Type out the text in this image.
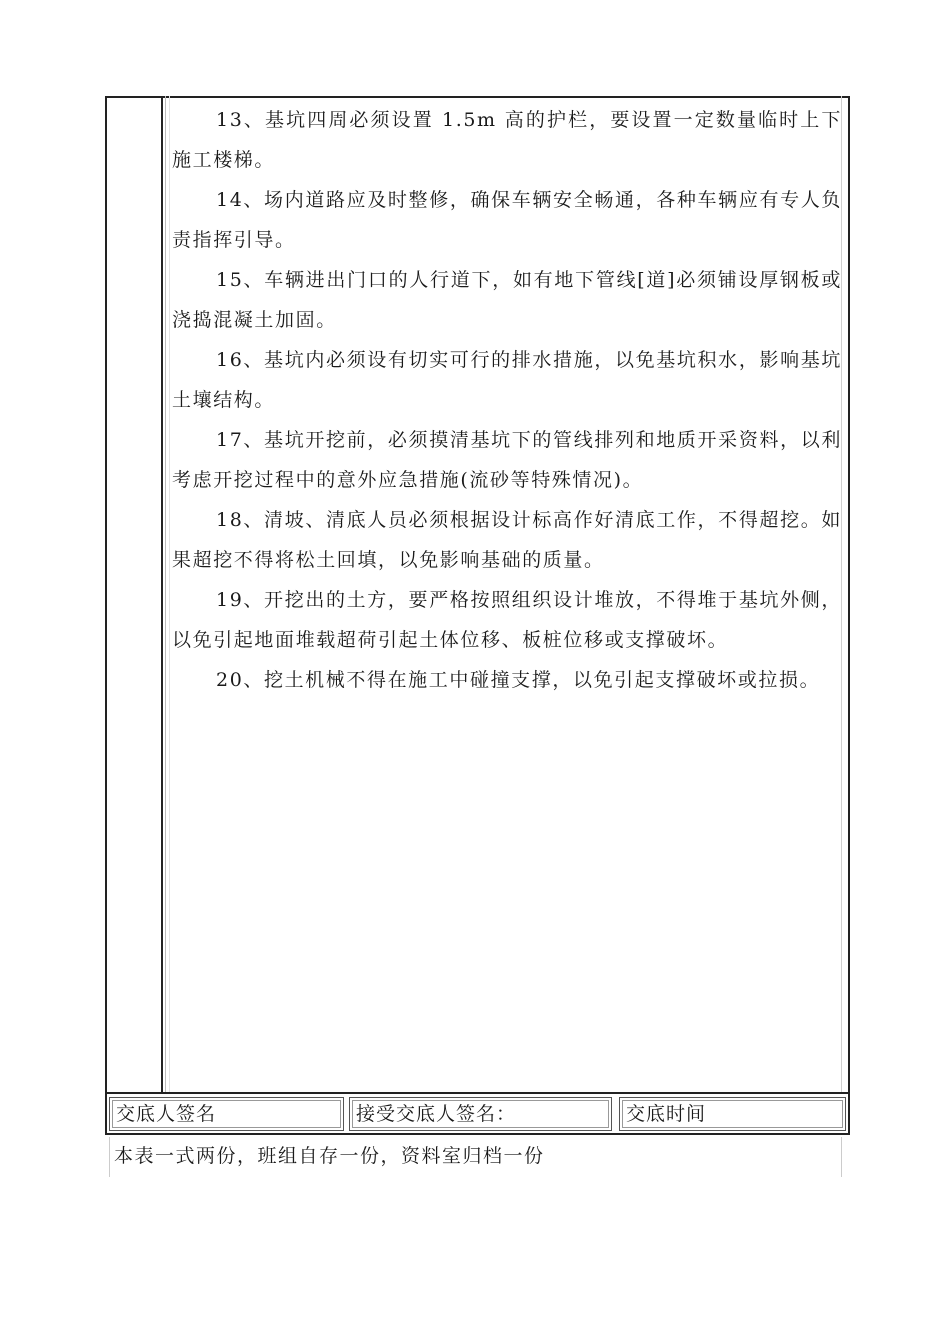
13、基坑四周必须设置 1.5m 高的护栏，要设置一定数量临时上下施工楼梯。

14、场内道路应及时整修，确保车辆安全畅通，各种车辆应有专人负责指挥引导。

15、车辆进出门口的人行道下，如有地下管线[道]必须铺设厚钢板或浇捣混凝土加固。

16、基坑内必须设有切实可行的排水措施，以免基坑积水，影响基坑土壤结构。

17、基坑开挖前，必须摸清基坑下的管线排列和地质开采资料，以利考虑开挖过程中的意外应急措施(流砂等特殊情况)。

18、清坡、清底人员必须根据设计标高作好清底工作，不得超挖。如果超挖不得将松土回填，以免影响基础的质量。

19、开挖出的土方，要严格按照组织设计堆放，不得堆于基坑外侧，以免引起地面堆载超荷引起土体位移、板桩位移或支撑破坏。

20、挖土机械不得在施工中碰撞支撑，以免引起支撑破坏或拉损。

交底人签名	接受交底人签名：	交底时间
本表一式两份，班组自存一份，资料室归档一份
